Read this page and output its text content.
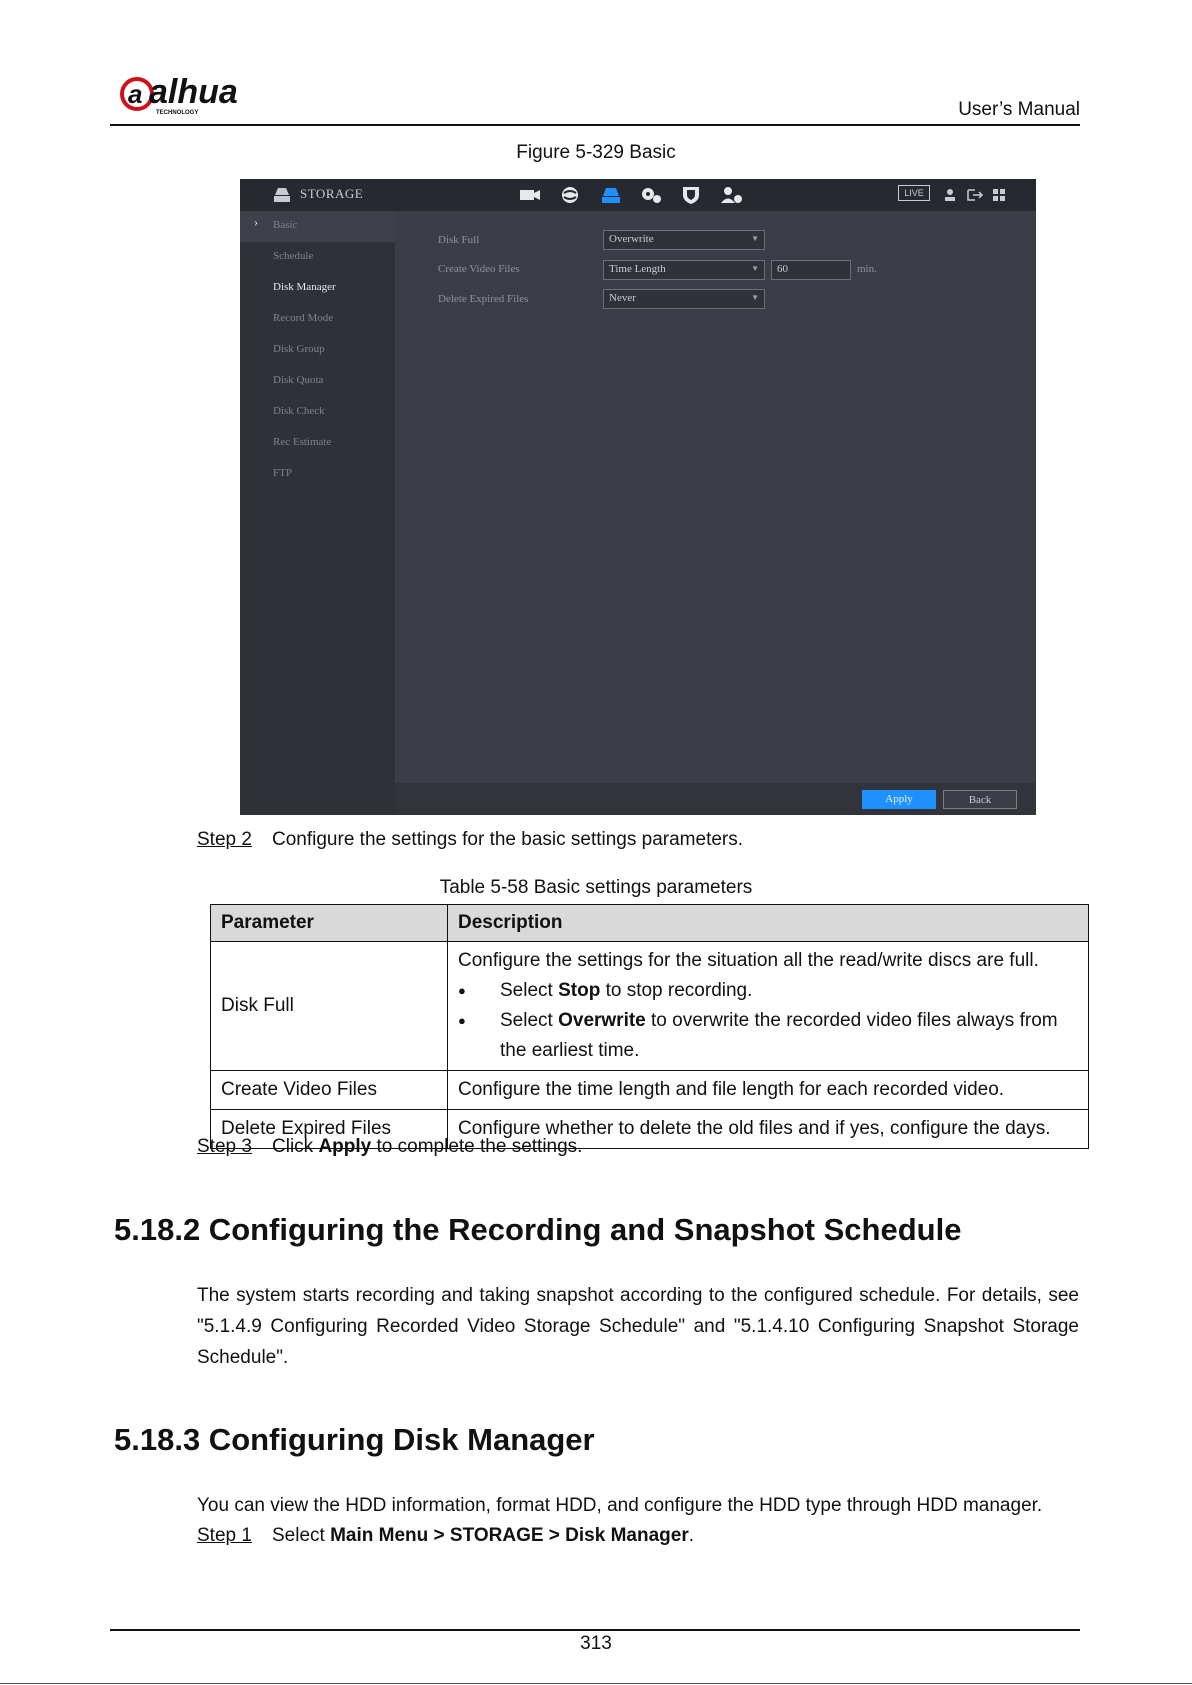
a alhua
TECHNOLOGY	User’s Manual
Figure 5-329 Basic
STORAGE	LIVE
Basic
›
Schedule
Disk Manager
Record Mode
Disk Group
Disk Quota
Disk Check
Rec Estimate
FTP
Disk Full	Overwrite	▼
Create Video Files	Time Length	▼ 60	min.
Delete Expired Files	Never	▼
Apply	Back
Step 2 Configure the settings for the basic settings parameters.
Table 5-58 Basic settings parameters
Parameter	Description
Disk Full	Configure the settings for the situation all the read/write discs are full.
● Select Stop to stop recording.
● Select Overwrite to overwrite the recorded video files always from the earliest time.

Create Video Files	Configure the time length and file length for each recorded video.
Delete Expired Files	Configure whether to delete the old files and if yes, configure the days.
Step 3 Click Apply to complete the settings.
5.18.2 Configuring the Recording and Snapshot Schedule
The system starts recording and taking snapshot according to the configured schedule. For details, see "5.1.4.9 Configuring Recorded Video Storage Schedule" and "5.1.4.10 Configuring Snapshot Storage Schedule".
5.18.3 Configuring Disk Manager
You can view the HDD information, format HDD, and configure the HDD type through HDD manager.
Step 1 Select Main Menu > STORAGE > Disk Manager.
313
